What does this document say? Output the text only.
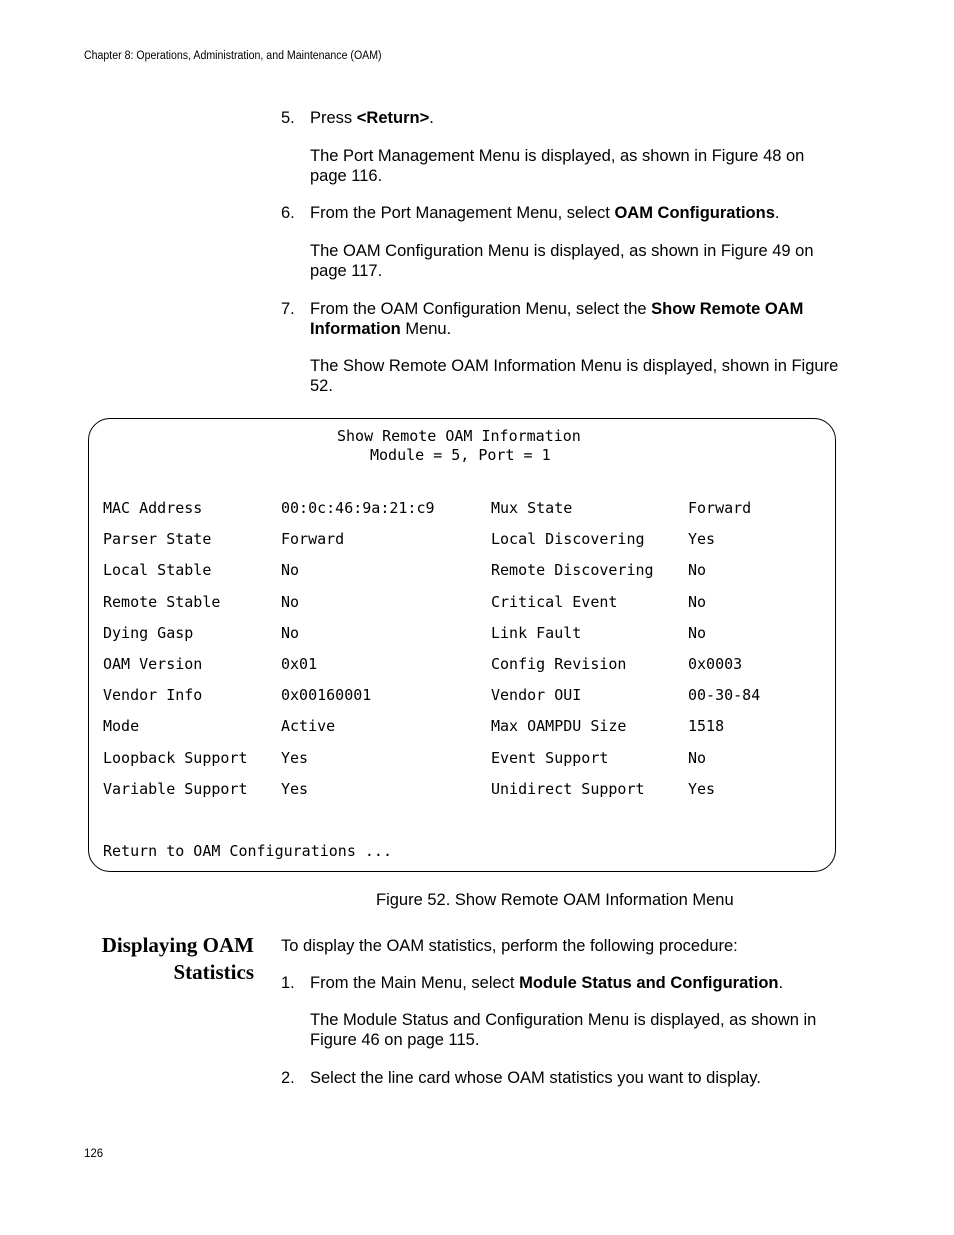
Chapter 8: Operations, Administration, and Maintenance (OAM)
5. Press <Return>.
The Port Management Menu is displayed, as shown in Figure 48 on page 116.
6. From the Port Management Menu, select OAM Configurations.
The OAM Configuration Menu is displayed, as shown in Figure 49 on page 117.
7. From the OAM Configuration Menu, select the Show Remote OAM Information Menu.
The Show Remote OAM Information Menu is displayed, shown in Figure 52.
Show Remote OAM Information
Module = 5, Port = 1
MAC Address	00:0c:46:9a:21:c9	Mux State	Forward
Parser State	Forward	Local Discovering	Yes
Local Stable	No	Remote Discovering No
Remote Stable	No	Critical Event	No
Dying Gasp	No	Link Fault	No
OAM Version	0x01	Config Revision	0x0003
Vendor Info	0x00160001	Vendor OUI	00-30-84
Mode	Active	Max OAMPDU Size	1518
Loopback Support Yes	Event Support	No
Variable Support Yes	Unidirect Support	Yes
Return to OAM Configurations ...
Figure 52. Show Remote OAM Information Menu
Displaying OAM
Statistics
To display the OAM statistics, perform the following procedure:
1. From the Main Menu, select Module Status and Configuration.
The Module Status and Configuration Menu is displayed, as shown in Figure 46 on page 115.
2. Select the line card whose OAM statistics you want to display.
126
